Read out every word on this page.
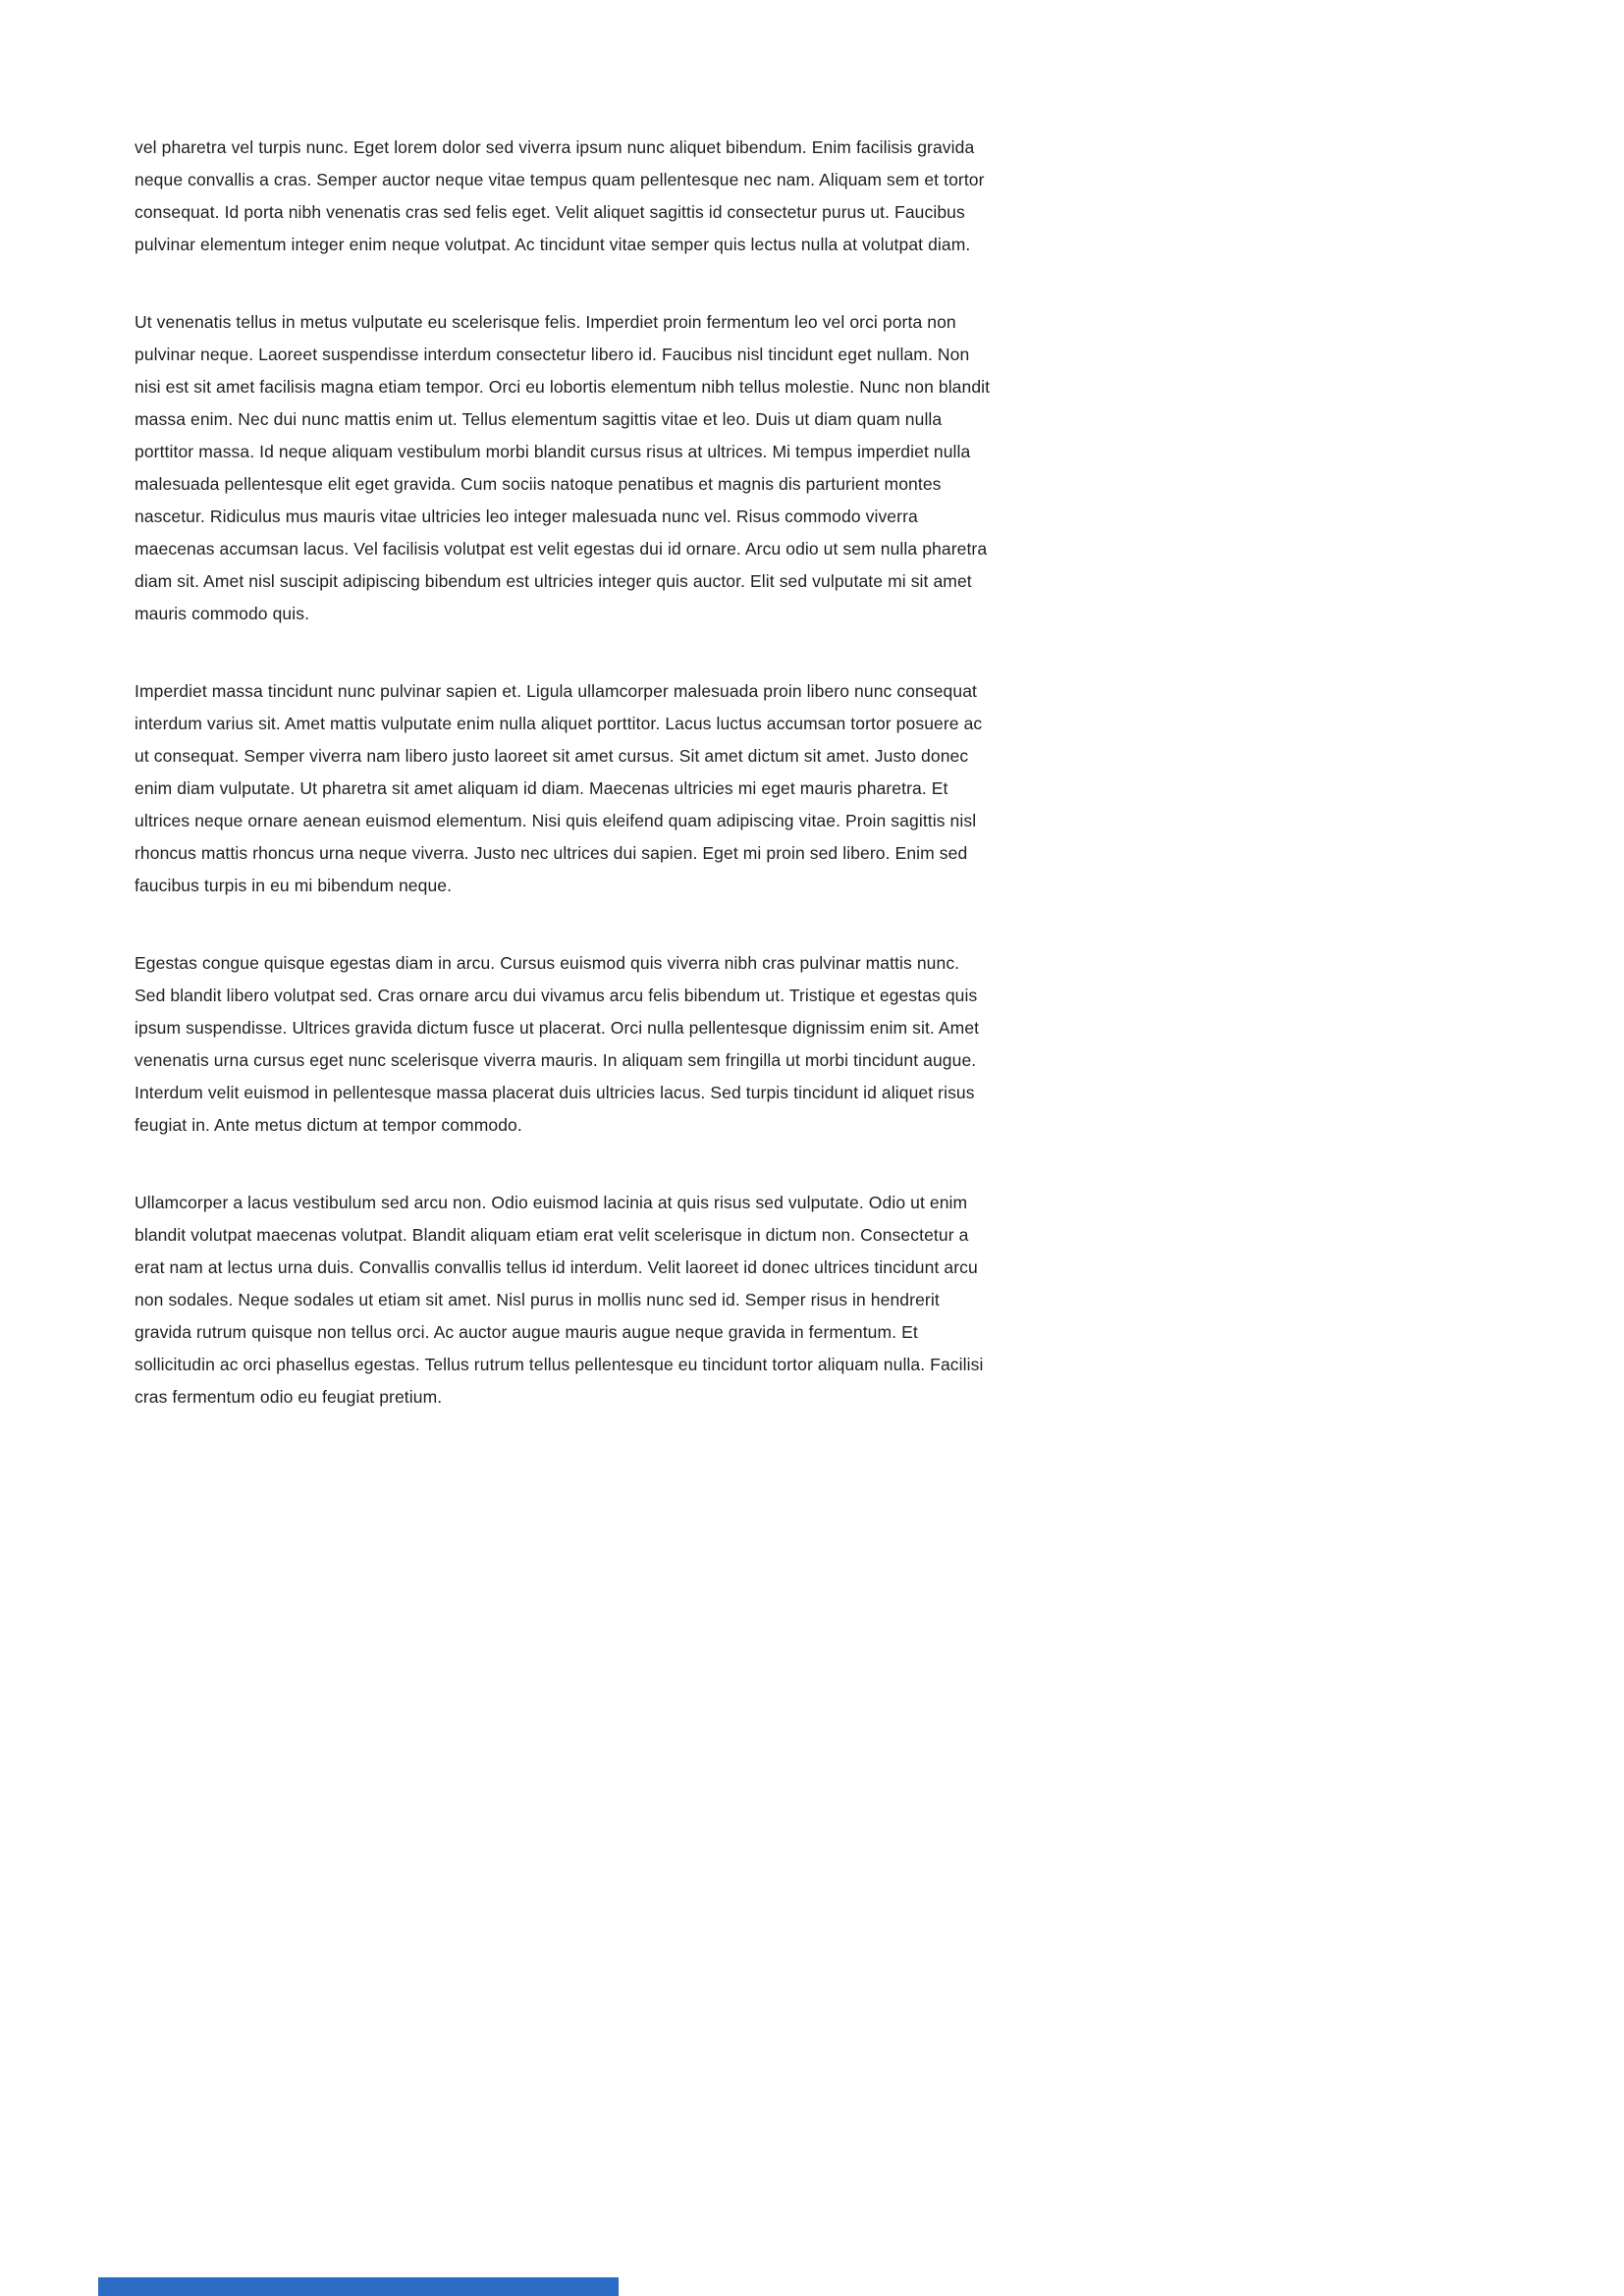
vel pharetra vel turpis nunc. Eget lorem dolor sed viverra ipsum nunc aliquet bibendum. Enim facilisis gravida neque convallis a cras. Semper auctor neque vitae tempus quam pellentesque nec nam. Aliquam sem et tortor consequat. Id porta nibh venenatis cras sed felis eget. Velit aliquet sagittis id consectetur purus ut. Faucibus pulvinar elementum integer enim neque volutpat. Ac tincidunt vitae semper quis lectus nulla at volutpat diam.

Ut venenatis tellus in metus vulputate eu scelerisque felis. Imperdiet proin fermentum leo vel orci porta non pulvinar neque. Laoreet suspendisse interdum consectetur libero id. Faucibus nisl tincidunt eget nullam. Non nisi est sit amet facilisis magna etiam tempor. Orci eu lobortis elementum nibh tellus molestie. Nunc non blandit massa enim. Nec dui nunc mattis enim ut. Tellus elementum sagittis vitae et leo. Duis ut diam quam nulla porttitor massa. Id neque aliquam vestibulum morbi blandit cursus risus at ultrices. Mi tempus imperdiet nulla malesuada pellentesque elit eget gravida. Cum sociis natoque penatibus et magnis dis parturient montes nascetur. Ridiculus mus mauris vitae ultricies leo integer malesuada nunc vel. Risus commodo viverra maecenas accumsan lacus. Vel facilisis volutpat est velit egestas dui id ornare. Arcu odio ut sem nulla pharetra diam sit. Amet nisl suscipit adipiscing bibendum est ultricies integer quis auctor. Elit sed vulputate mi sit amet mauris commodo quis.

Imperdiet massa tincidunt nunc pulvinar sapien et. Ligula ullamcorper malesuada proin libero nunc consequat interdum varius sit. Amet mattis vulputate enim nulla aliquet porttitor. Lacus luctus accumsan tortor posuere ac ut consequat. Semper viverra nam libero justo laoreet sit amet cursus. Sit amet dictum sit amet. Justo donec enim diam vulputate. Ut pharetra sit amet aliquam id diam. Maecenas ultricies mi eget mauris pharetra. Et ultrices neque ornare aenean euismod elementum. Nisi quis eleifend quam adipiscing vitae. Proin sagittis nisl rhoncus mattis rhoncus urna neque viverra. Justo nec ultrices dui sapien. Eget mi proin sed libero. Enim sed faucibus turpis in eu mi bibendum neque.

Egestas congue quisque egestas diam in arcu. Cursus euismod quis viverra nibh cras pulvinar mattis nunc. Sed blandit libero volutpat sed. Cras ornare arcu dui vivamus arcu felis bibendum ut. Tristique et egestas quis ipsum suspendisse. Ultrices gravida dictum fusce ut placerat. Orci nulla pellentesque dignissim enim sit. Amet venenatis urna cursus eget nunc scelerisque viverra mauris. In aliquam sem fringilla ut morbi tincidunt augue. Interdum velit euismod in pellentesque massa placerat duis ultricies lacus. Sed turpis tincidunt id aliquet risus feugiat in. Ante metus dictum at tempor commodo.

Ullamcorper a lacus vestibulum sed arcu non. Odio euismod lacinia at quis risus sed vulputate. Odio ut enim blandit volutpat maecenas volutpat. Blandit aliquam etiam erat velit scelerisque in dictum non. Consectetur a erat nam at lectus urna duis. Convallis convallis tellus id interdum. Velit laoreet id donec ultrices tincidunt arcu non sodales. Neque sodales ut etiam sit amet. Nisl purus in mollis nunc sed id. Semper risus in hendrerit gravida rutrum quisque non tellus orci. Ac auctor augue mauris augue neque gravida in fermentum. Et sollicitudin ac orci phasellus egestas. Tellus rutrum tellus pellentesque eu tincidunt tortor aliquam nulla. Facilisi cras fermentum odio eu feugiat pretium.
